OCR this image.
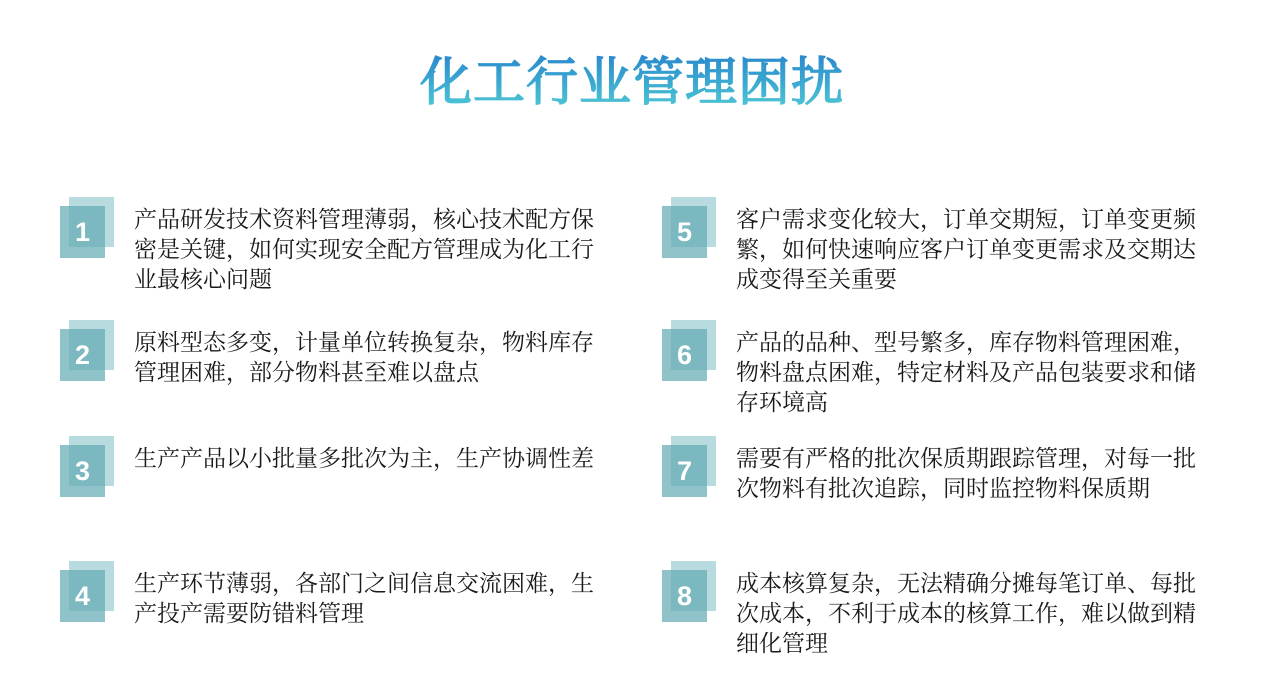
化工行业管理困扰
1 产品研发技术资料管理薄弱，核心技术配方保密是关键，如何实现安全配方管理成为化工行业最核心问题

2 原料型态多变，计量单位转换复杂，物料库存管理困难，部分物料甚至难以盘点

3 生产产品以小批量多批次为主，生产协调性差

4 生产环节薄弱，各部门之间信息交流困难，生产投产需要防错料管理

5 客户需求变化较大，订单交期短，订单变更频繁，如何快速响应客户订单变更需求及交期达成变得至关重要

6 产品的品种、型号繁多，库存物料管理困难，物料盘点困难，特定材料及产品包装要求和储存环境高

7 需要有严格的批次保质期跟踪管理，对每一批次物料有批次追踪，同时监控物料保质期

8 成本核算复杂，无法精确分摊每笔订单、每批次成本，不利于成本的核算工作，难以做到精细化管理
